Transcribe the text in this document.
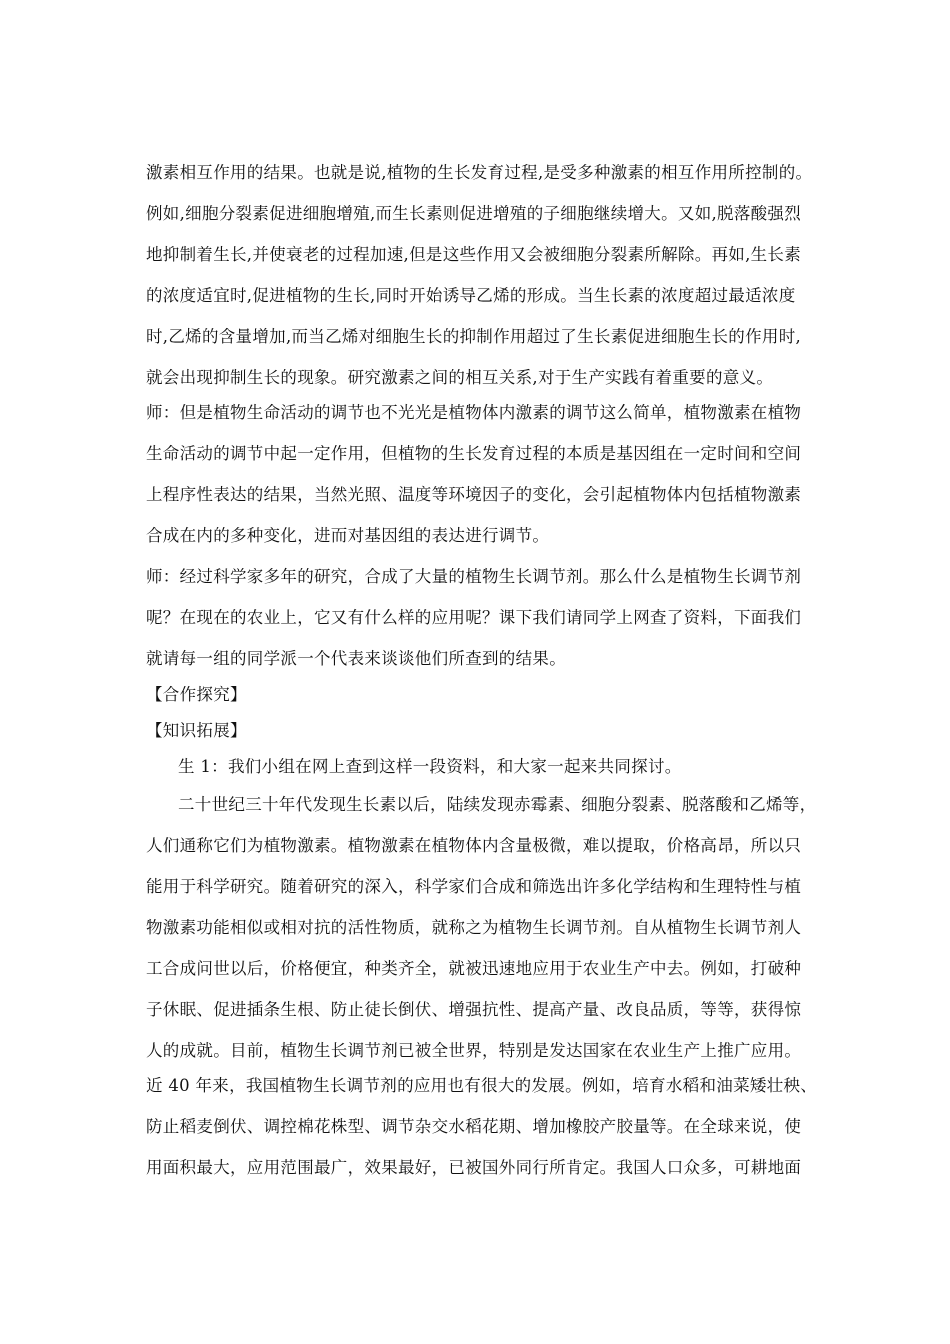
激素相互作用的结果。也就是说,植物的生长发育过程,是受多种激素的相互作用所控制的。
例如,细胞分裂素促进细胞增殖,而生长素则促进增殖的子细胞继续增大。又如,脱落酸强烈
地抑制着生长,并使衰老的过程加速,但是这些作用又会被细胞分裂素所解除。再如,生长素
的浓度适宜时,促进植物的生长,同时开始诱导乙烯的形成。当生长素的浓度超过最适浓度
时,乙烯的含量增加,而当乙烯对细胞生长的抑制作用超过了生长素促进细胞生长的作用时,
就会出现抑制生长的现象。研究激素之间的相互关系,对于生产实践有着重要的意义。
师：但是植物生命活动的调节也不光光是植物体内激素的调节这么简单，植物激素在植物
生命活动的调节中起一定作用，但植物的生长发育过程的本质是基因组在一定时间和空间
上程序性表达的结果，当然光照、温度等环境因子的变化，会引起植物体内包括植物激素
合成在内的多种变化，进而对基因组的表达进行调节。
师：经过科学家多年的研究，合成了大量的植物生长调节剂。那么什么是植物生长调节剂
呢？在现在的农业上，它又有什么样的应用呢？课下我们请同学上网查了资料，下面我们
就请每一组的同学派一个代表来谈谈他们所查到的结果。
【合作探究】
【知识拓展】
生 1：我们小组在网上查到这样一段资料，和大家一起来共同探讨。
二十世纪三十年代发现生长素以后，陆续发现赤霉素、细胞分裂素、脱落酸和乙烯等，
人们通称它们为植物激素。植物激素在植物体内含量极微，难以提取，价格高昂，所以只
能用于科学研究。随着研究的深入，科学家们合成和筛选出许多化学结构和生理特性与植
物激素功能相似或相对抗的活性物质，就称之为植物生长调节剂。自从植物生长调节剂人
工合成问世以后，价格便宜，种类齐全，就被迅速地应用于农业生产中去。例如，打破种
子休眠、促进插条生根、防止徒长倒伏、增强抗性、提高产量、改良品质，等等，获得惊
人的成就。目前，植物生长调节剂已被全世界，特别是发达国家在农业生产上推广应用。
近 40 年来，我国植物生长调节剂的应用也有很大的发展。例如，培育水稻和油菜矮壮秧、
防止稻麦倒伏、调控棉花株型、调节杂交水稻花期、增加橡胶产胶量等。在全球来说，使
用面积最大，应用范围最广，效果最好，已被国外同行所肯定。我国人口众多，可耕地面
